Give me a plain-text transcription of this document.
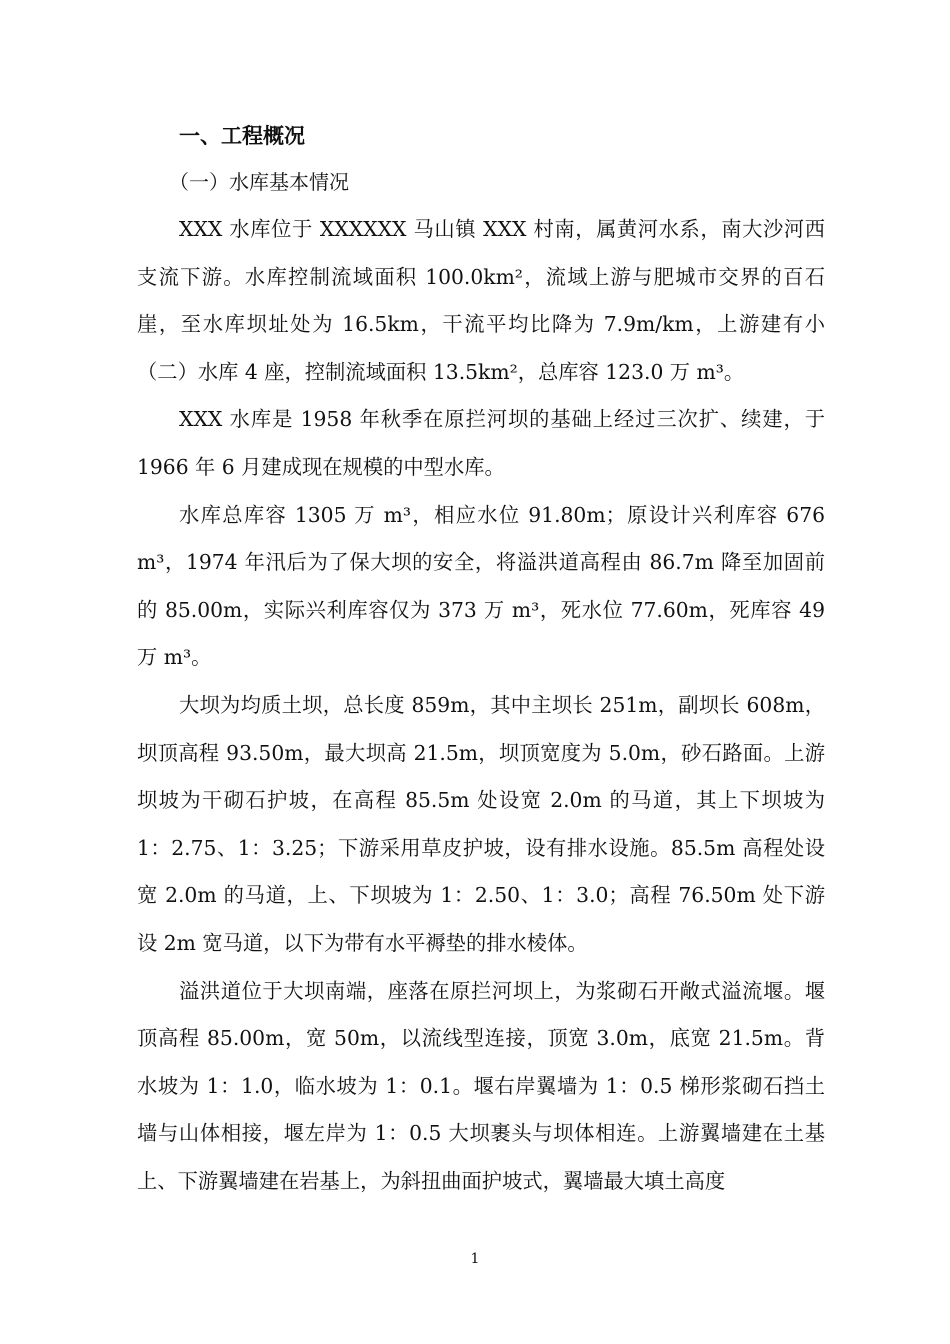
一、工程概况

（一）水库基本情况

XXX 水库位于 XXXXXX 马山镇 XXX 村南，属黄河水系，南大沙河西支流下游。水库控制流域面积 100.0km²，流域上游与肥城市交界的百石崖，至水库坝址处为 16.5km，干流平均比降为 7.9m/km，上游建有小（二）水库 4 座，控制流域面积 13.5km²，总库容 123.0 万 m³。

XXX 水库是 1958 年秋季在原拦河坝的基础上经过三次扩、续建，于 1966 年 6 月建成现在规模的中型水库。

水库总库容 1305 万 m³，相应水位 91.80m；原设计兴利库容 676 m³，1974 年汛后为了保大坝的安全，将溢洪道高程由 86.7m 降至加固前的 85.00m，实际兴利库容仅为 373 万 m³，死水位 77.60m，死库容 49 万 m³。

大坝为均质土坝，总长度 859m，其中主坝长 251m，副坝长 608m，坝顶高程 93.50m，最大坝高 21.5m，坝顶宽度为 5.0m，砂石路面。上游坝坡为干砌石护坡，在高程 85.5m 处设宽 2.0m 的马道，其上下坝坡为 1：2.75、1：3.25；下游采用草皮护坡，设有排水设施。85.5m 高程处设宽 2.0m 的马道，上、下坝坡为 1：2.50、1：3.0；高程 76.50m 处下游设 2m 宽马道，以下为带有水平褥垫的排水棱体。

溢洪道位于大坝南端，座落在原拦河坝上，为浆砌石开敞式溢流堰。堰顶高程 85.00m，宽 50m，以流线型连接，顶宽 3.0m，底宽 21.5m。背水坡为 1：1.0，临水坡为 1：0.1。堰右岸翼墙为 1：0.5 梯形浆砌石挡土墙与山体相接，堰左岸为 1：0.5 大坝裹头与坝体相连。上游翼墙建在土基上、下游翼墙建在岩基上，为斜扭曲面护坡式，翼墙最大填土高度

1
